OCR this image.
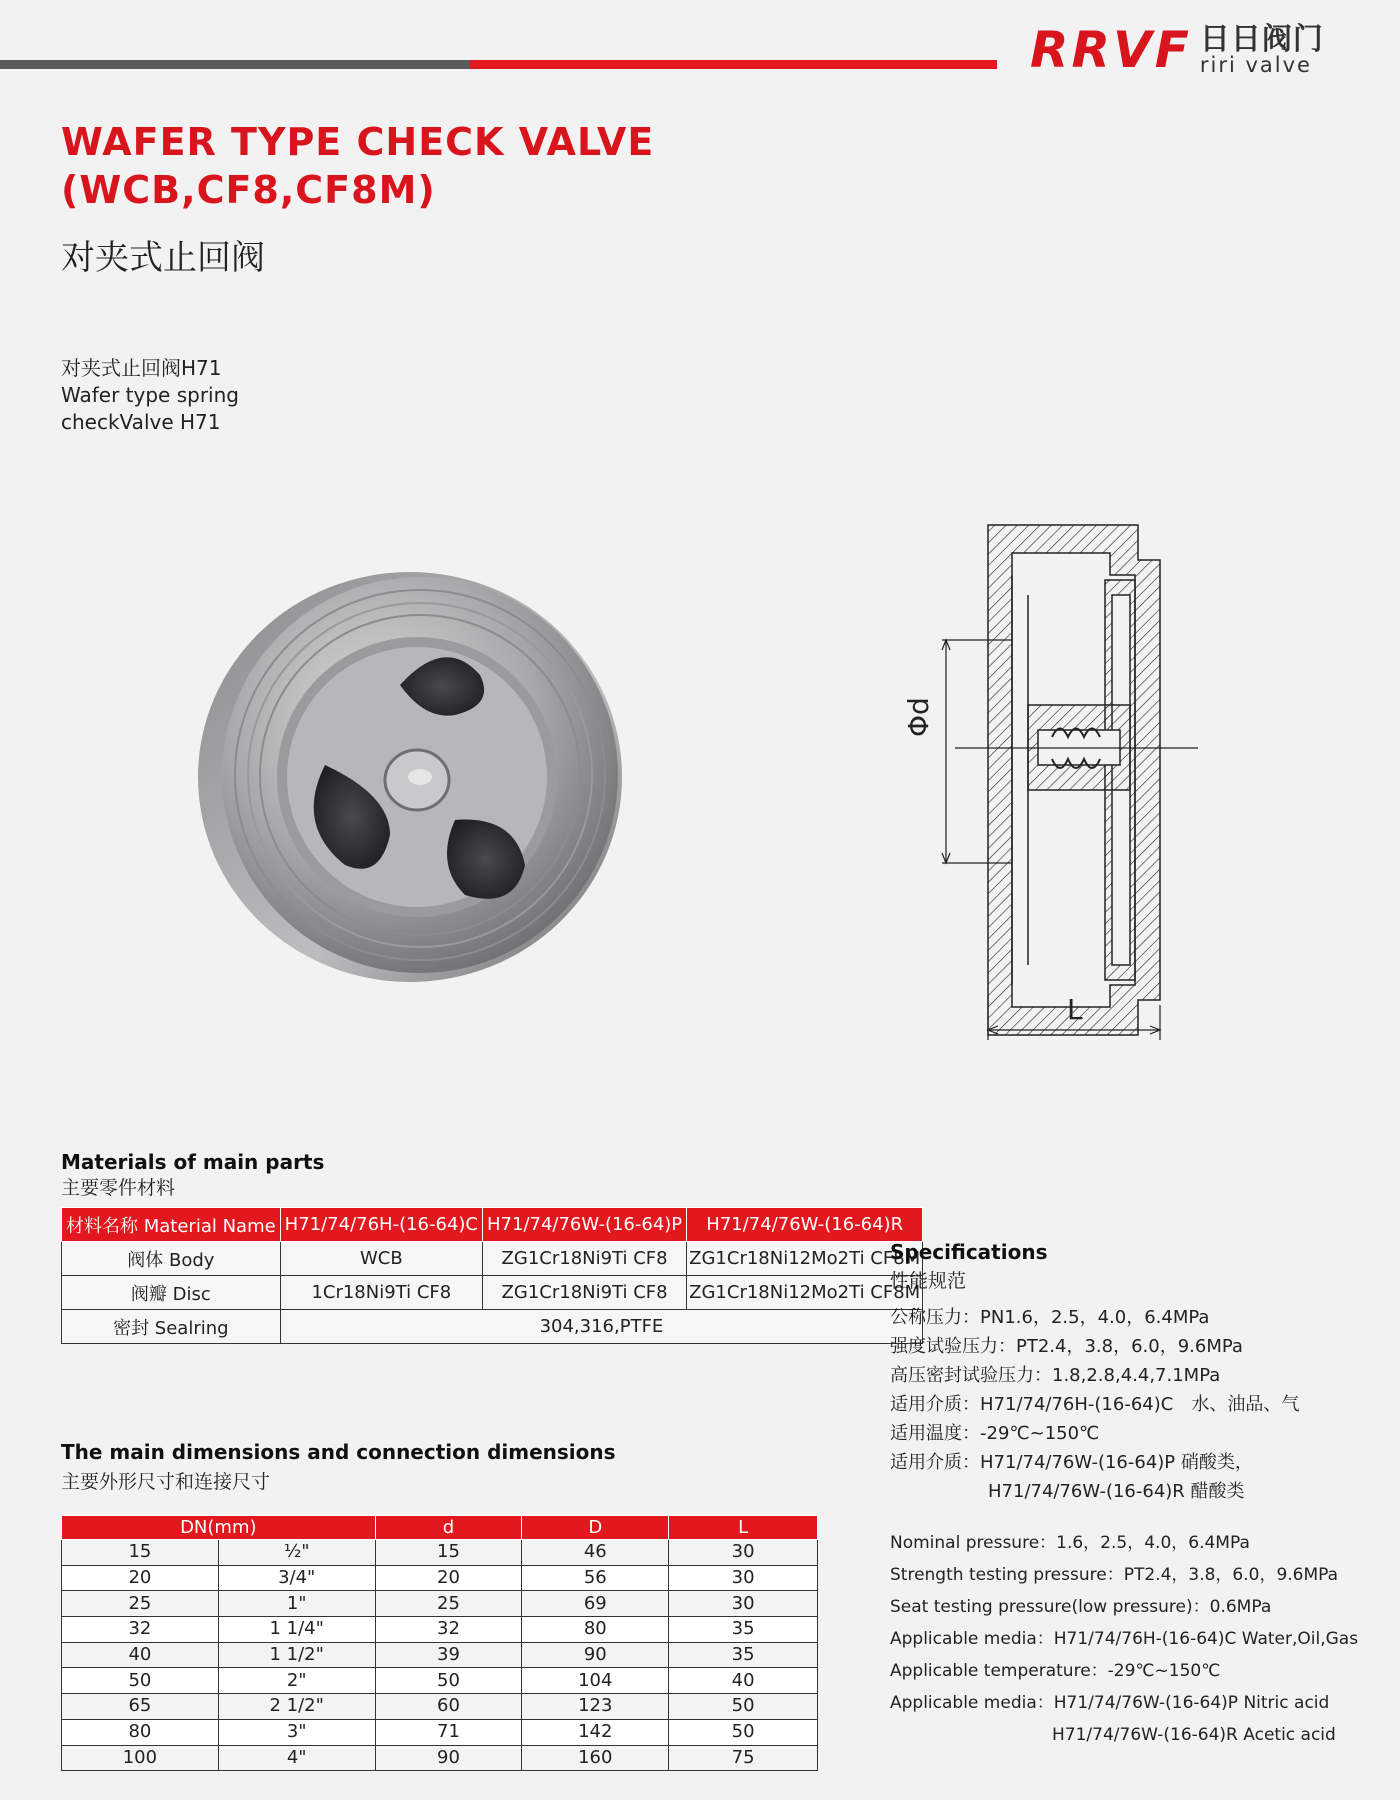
RRVF 日日阀门
riri valve
WAFER TYPE CHECK VALVE
(WCB,CF8,CF8M)
对夹式止回阀
对夹式止回阀H71
Wafer type spring
checkValve H71
Φd
L
Materials of main parts
主要零件材料
材料名称 Material Name	H71/74/76H-(16-64)C	H71/74/76W-(16-64)P	H71/74/76W-(16-64)R
阀体 Body	WCB	ZG1Cr18Ni9Ti CF8	ZG1Cr18Ni12Mo2Ti CF8M
阀瓣 Disc	1Cr18Ni9Ti CF8	ZG1Cr18Ni9Ti CF8	ZG1Cr18Ni12Mo2Ti CF8M
密封 Sealring	304,316,PTFE		
The main dimensions and connection dimensions
主要外形尺寸和连接尺寸
DN(mm)		d	D	L
15	½"	15	46	30
20	3/4"	20	56	30
25	1"	25	69	30
32	1 1/4"	32	80	35
40	1 1/2"	39	90	35
50	2"	50	104	40
65	2 1/2"	60	123	50
80	3"	71	142	50
100	4"	90	160	75
Specifications
性能规范
公称压力：PN1.6，2.5，4.0，6.4MPa
强度试验压力：PT2.4，3.8，6.0，9.6MPa
高压密封试验压力：1.8,2.8,4.4,7.1MPa
适用介质：H71/74/76H-(16-64)C　水、油品、气
适用温度：-29℃~150℃
适用介质：H71/74/76W-(16-64)P 硝酸类，
H71/74/76W-(16-64)R 醋酸类
Nominal pressure：1.6，2.5，4.0，6.4MPa
Strength testing pressure：PT2.4，3.8，6.0，9.6MPa
Seat testing pressure(low pressure)：0.6MPa
Applicable media：H71/74/76H-(16-64)C Water,Oil,Gas
Applicable temperature：-29℃~150℃
Applicable media：H71/74/76W-(16-64)P Nitric acid
H71/74/76W-(16-64)R Acetic acid
